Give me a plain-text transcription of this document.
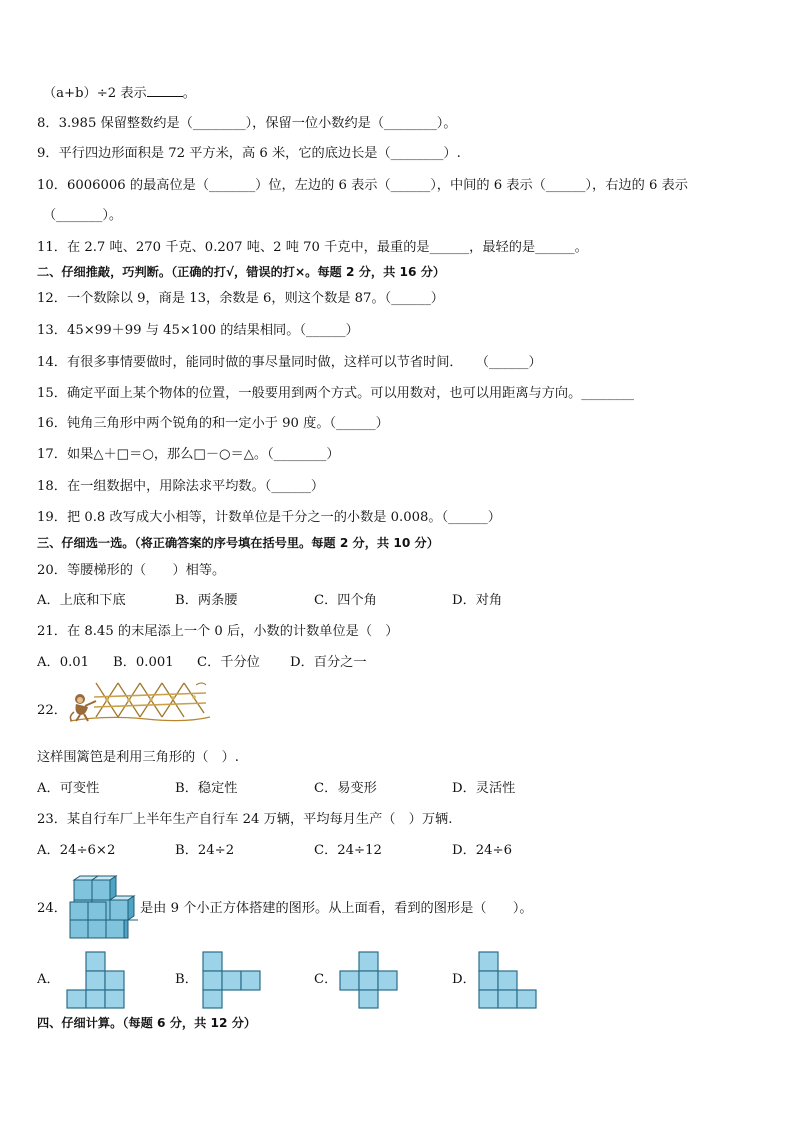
（a+b）÷2 表示	。
8．3.985 保留整数约是（________），保留一位小数约是（________）。
9．平行四边形面积是 72 平方米，高 6 米，它的底边长是（________）.
10．6006006 的最高位是（_______）位，左边的 6 表示（______），中间的 6 表示（______），右边的 6 表示
（_______）。
11．在 2.7 吨、270 千克、0.207 吨、2 吨 70 千克中，最重的是______，最轻的是______。
二、仔细推敲，巧判断。（正确的打√，错误的打×。每题 2 分，共 16 分）
12．一个数除以 9，商是 13，余数是 6，则这个数是 87。（______）
13．45×99＋99 与 45×100 的结果相同。（______）
14．有很多事情要做时，能同时做的事尽量同时做，这样可以节省时间．　　（______）
15．确定平面上某个物体的位置，一般要用到两个方式。可以用数对，也可以用距离与方向。________
16．钝角三角形中两个锐角的和一定小于 90 度。（______）
17．如果△＋□＝○，那么□－○＝△。（________）
18．在一组数据中，用除法求平均数。（______）
19．把 0.8 改写成大小相等，计数单位是千分之一的小数是 0.008。（______）
三、仔细选一选。（将正确答案的序号填在括号里。每题 2 分，共 10 分）
20．等腰梯形的（　　）相等。
A．上底和下底	B．两条腰	C．四个角	D．对角
21．在 8.45 的末尾添上一个 0 后，小数的计数单位是（　）
A．0.01 B．0.001 C．千分位 D．百分之一
22．
这样围篱笆是利用三角形的（　）.
A．可变性	B．稳定性	C．易变形	D．灵活性
23．某自行车厂上半年生产自行车 24 万辆，平均每月生产（　）万辆.
A．24÷6×2	B．24÷2	C．24÷12	D．24÷6
24．	是由 9 个小正方体搭建的图形。从上面看，看到的图形是（　　）。
A．	B．	C．	D．
四、仔细计算。（每题 6 分，共 12 分）
